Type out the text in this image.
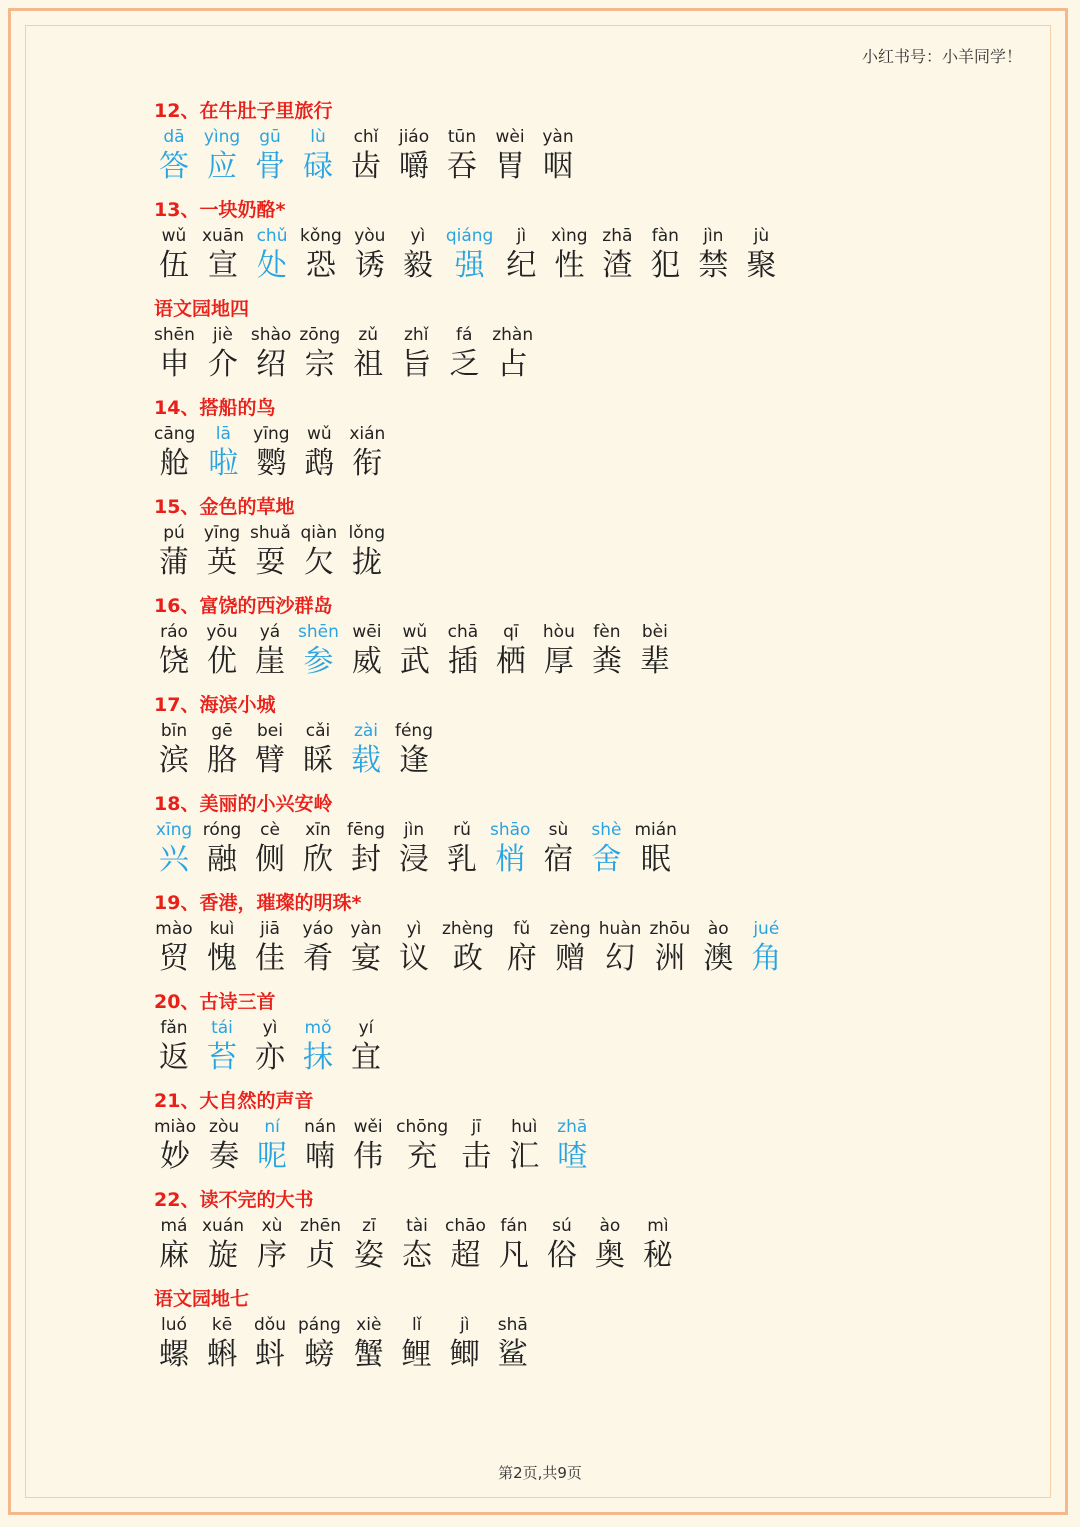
小红书号：小羊同学！
12、在牛肚子里旅行
dā
答
yìng
应
gū
骨
lù
碌
chǐ
齿
jiáo
嚼
tūn
吞
wèi
胃
yàn
咽
13、一块奶酪*
wǔ
伍
xuān
宣
chǔ
处
kǒng
恐
yòu
诱
yì
毅
qiáng
强
jì
纪
xìng
性
zhā
渣
fàn
犯
jìn
禁
jù
聚
语文园地四
shēn
申
jiè
介
shào
绍
zōng
宗
zǔ
祖
zhǐ
旨
fá
乏
zhàn
占
14、搭船的鸟
cāng
舱
lā
啦
yīng
鹦
wǔ
鹉
xián
衔
15、金色的草地
pú
蒲
yīng
英
shuǎ
耍
qiàn
欠
lǒng
拢
16、富饶的西沙群岛
ráo
饶
yōu
优
yá
崖
shēn
参
wēi
威
wǔ
武
chā
插
qī
栖
hòu
厚
fèn
粪
bèi
辈
17、海滨小城
bīn
滨
gē
胳
bei
臂
cǎi
睬
zài
载
féng
逢
18、美丽的小兴安岭
xīng
兴
róng
融
cè
侧
xīn
欣
fēng
封
jìn
浸
rǔ
乳
shāo
梢
sù
宿
shè
舍
mián
眠
19、香港，璀璨的明珠*
mào
贸
kuì
愧
jiā
佳
yáo
肴
yàn
宴
yì
议
zhèng
政
fǔ
府
zèng
赠
huàn
幻
zhōu
洲
ào
澳
jué
角
20、古诗三首
fǎn
返
tái
苔
yì
亦
mǒ
抹
yí
宜
21、大自然的声音
miào
妙
zòu
奏
ní
呢
nán
喃
wěi
伟
chōng
充
jī
击
huì
汇
zhā
喳
22、读不完的大书
má
麻
xuán
旋
xù
序
zhēn
贞
zī
姿
tài
态
chāo
超
fán
凡
sú
俗
ào
奥
mì
秘
语文园地七
luó
螺
kē
蝌
dǒu
蚪
páng
螃
xiè
蟹
lǐ
鲤
jì
鲫
shā
鲨
第2页,共9页
